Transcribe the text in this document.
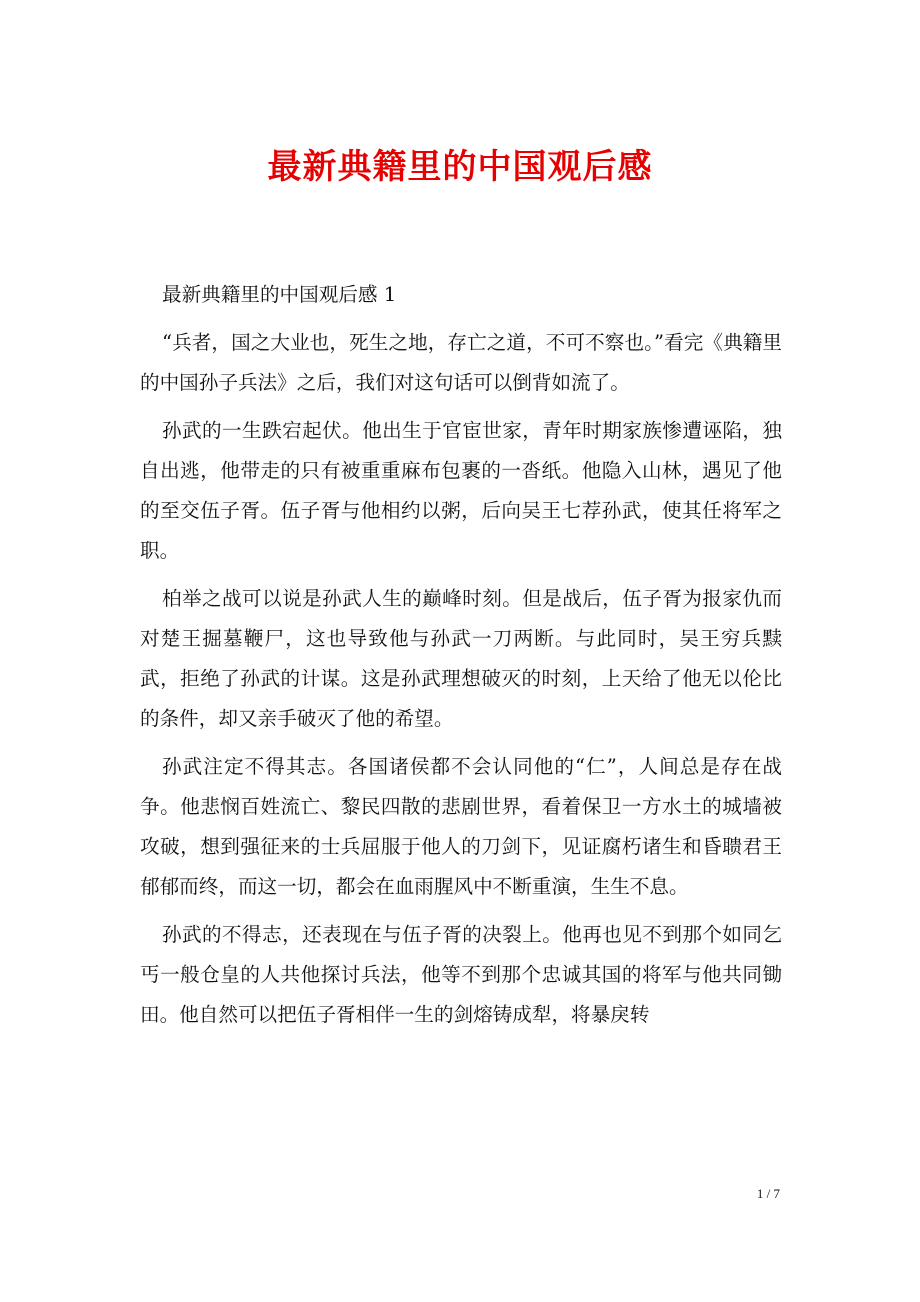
最新典籍里的中国观后感

最新典籍里的中国观后感 1

“兵者，国之大业也，死生之地，存亡之道，不可不察也。”看完《典籍里的中国孙子兵法》之后，我们对这句话可以倒背如流了。

孙武的一生跌宕起伏。他出生于官宦世家，青年时期家族惨遭诬陷，独自出逃，他带走的只有被重重麻布包裹的一沓纸。他隐入山林，遇见了他的至交伍子胥。伍子胥与他相约以粥，后向吴王七荐孙武，使其任将军之职。

柏举之战可以说是孙武人生的巅峰时刻。但是战后，伍子胥为报家仇而对楚王掘墓鞭尸，这也导致他与孙武一刀两断。与此同时，吴王穷兵黩武，拒绝了孙武的计谋。这是孙武理想破灭的时刻，上天给了他无以伦比的条件，却又亲手破灭了他的希望。

孙武注定不得其志。各国诸侯都不会认同他的“仁”，人间总是存在战争。他悲悯百姓流亡、黎民四散的悲剧世界，看着保卫一方水土的城墙被攻破，想到强征来的士兵屈服于他人的刀剑下，见证腐朽诸生和昏聩君王郁郁而终，而这一切，都会在血雨腥风中不断重演，生生不息。

孙武的不得志，还表现在与伍子胥的决裂上。他再也见不到那个如同乞丐一般仓皇的人共他探讨兵法，他等不到那个忠诚其国的将军与他共同锄田。他自然可以把伍子胥相伴一生的剑熔铸成犁，将暴戾转

1 / 7
